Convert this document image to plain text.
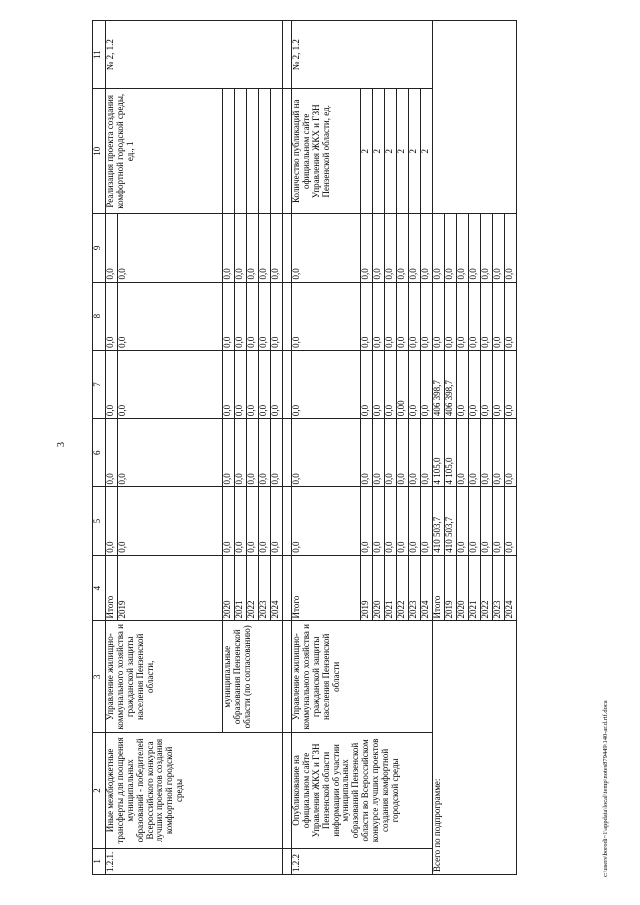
3
c:\users\borodi~1\appdata\local\temp\notes879449\140-ar.d.rtf.doca
1	2	3	4	5	6	7	8	9	10	11
1.2.1.	Иные межбюджетные трансферты для поощрения муниципальных образований - победителей Всероссийского конкурса лучших проектов создания комфортной городской среды	Управление жилищно-коммунального хозяйства и гражданской защиты населения Пензенской области,	Итого	0,0	0,0	0,0	0,0	0,0	Реализация проекта создания комфортной городской среды, ед., 1	№ 2, 1.2
			2019	0,0	0,0	0,0	0,0	0,0		
		муниципальные образования Пензенской области (по согласованию)	2020	0,0	0,0	0,0	0,0	0,0		
			2021	0,0	0,0	0,0	0,0	0,0		
			2022	0,0	0,0	0,0	0,0	0,0		
			2023	0,0	0,0	0,0	0,0	0,0		
			2024	0,0	0,0	0,0	0,0	0,0		

1.2.2	Опубликование на официальном сайте Управления ЖКХ и ГЗН Пензенской области информации об участии муниципальных образований Пензенской области во Всероссийском конкурсе лучших проектов создания комфортной городской среды	Управление жилищно-коммунального хозяйства и гражданской защиты населения Пензенской области	Итого	0,0	0,0	0,0	0,0	0,0	Количество публикаций на официальном сайте Управления ЖКХ и ГЗН Пензенской области, ед.	№ 2, 1.2
			2019	0,0	0,0	0,0	0,0	0,0	2	
			2020	0,0	0,0	0,0	0,0	0,0	2	
			2021	0,0	0,0	0,0	0,0	0,0	2	
			2022	0,0	0,0	0,00	0,0	0,0	2	
			2023	0,0	0,0	0,0	0,0	0,0	2	
			2024	0,0	0,0	0,0	0,0	0,0	2	
Всего по подпрограмме:			Итого	410 503,7	4 105,0	406 398,7	0,0	0,0		
			2019	410 503,7	4 105,0	406 398,7	0,0	0,0		
			2020	0,0	0,0	0,0	0,0	0,0		
			2021	0,0	0,0	0,0	0,0	0,0		
			2022	0,0	0,0	0,0	0,0	0,0		
			2023	0,0	0,0	0,0	0,0	0,0		
			2024	0,0	0,0	0,0	0,0	0,0		
